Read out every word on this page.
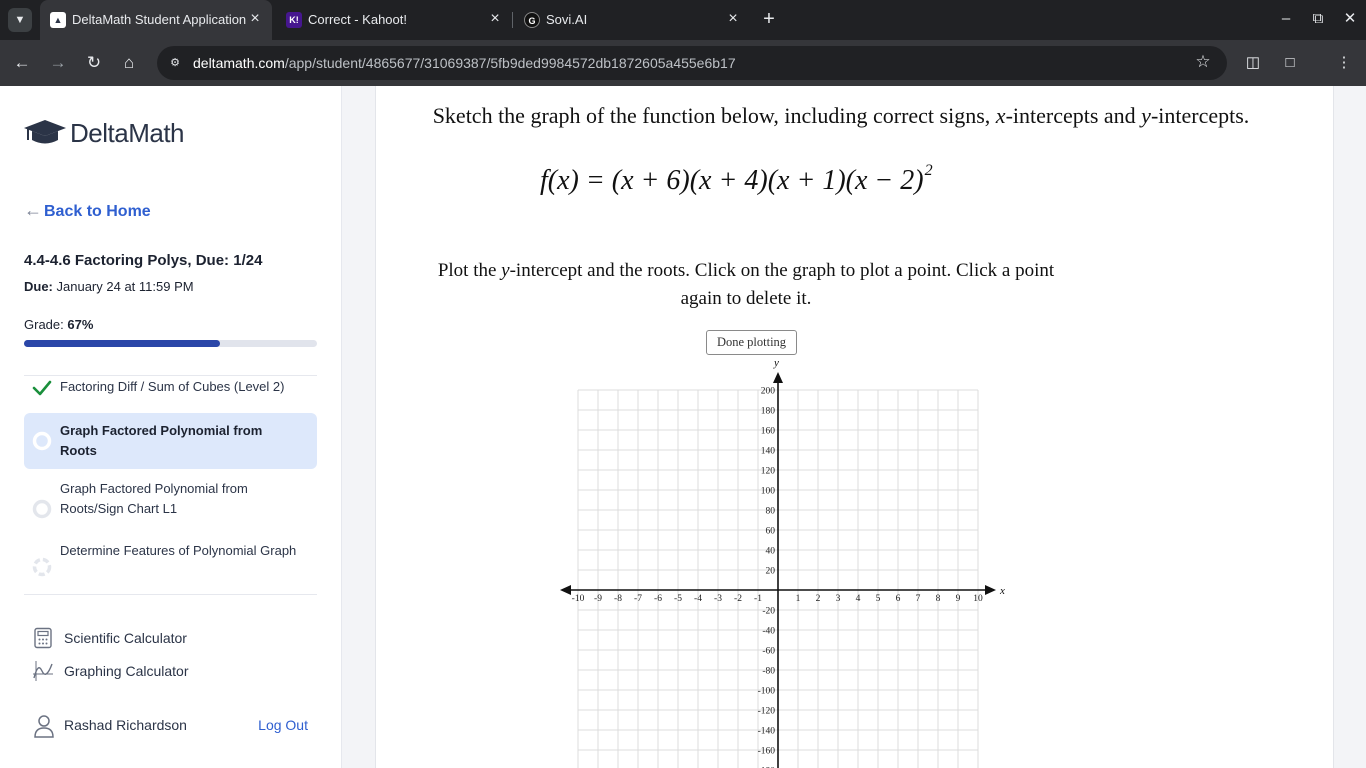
▼	▲ DeltaMath Student Application ×	K! Correct - Kahoot!	×	G Sovi.AI	× +	–	⧉	✕
← → ↻	⌂	⚙ deltamath.com/app/student/4865677/31069387/5fb9ded9984572db1872605a455e6b17	☆	◫	□	⋮
DeltaMath
← Back to Home
4.4-4.6 Factoring Polys, Due: 1/24
Due: January 24 at 11:59 PM
Grade: 67%
Factoring Diff / Sum of Cubes (Level 2)
Graph Factored Polynomial from Roots
Graph Factored Polynomial from Roots/Sign Chart L1
Determine Features of Polynomial Graph
Scientific Calculator
Graphing Calculator
Rashad Richardson	Log Out
Sketch the graph of the function below, including correct signs, x-intercepts and y-intercepts.
$f(x) = (x + 6)(x + 4)(x + 1)(x - 2)^2$
Plot the y-intercept and the roots. Click on the graph to plot a point. Click a point again to delete it.
Done plotting
x
y
-10 -9 -8 -7 -6 -5 -4 -3 -2 -1	1 2 3 4 5 6 7 8 9 10
200
180
160
140
120
100
80
60
40
20
-20
-40
-60
-80
-100
-120
-140
-160
